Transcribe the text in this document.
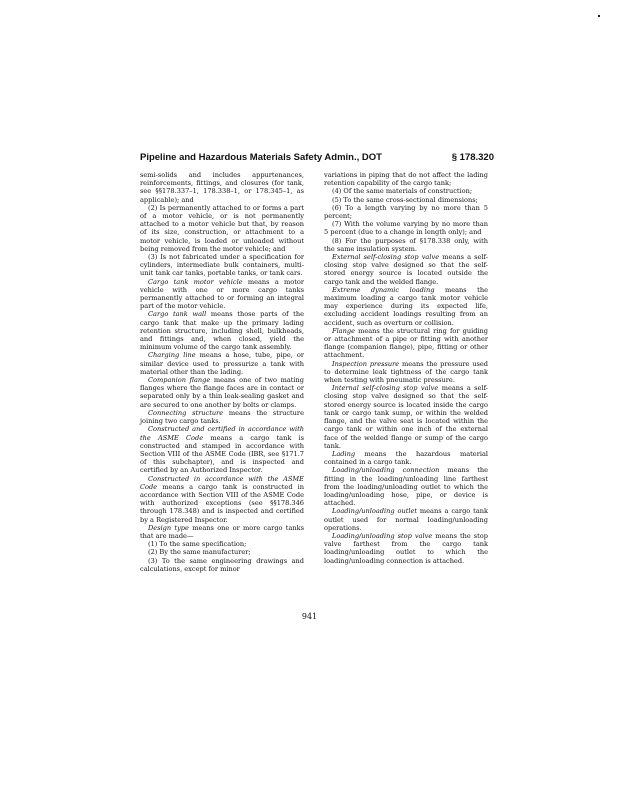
Pipeline and Hazardous Materials Safety Admin., DOT	§ 178.320

semi-solids and includes appurtenances, reinforcements, fittings, and closures (for tank, see §§178.337–1, 178.338–1, or 178.345–1, as applicable); and

(2) Is permanently attached to or forms a part of a motor vehicle, or is not permanently attached to a motor vehicle but that, by reason of its size, construction, or attachment to a motor vehicle, is loaded or unloaded without being removed from the motor vehicle; and

(3) Is not fabricated under a specification for cylinders, intermediate bulk containers, multi-unit tank car tanks, portable tanks, or tank cars.

Cargo tank motor vehicle means a motor vehicle with one or more cargo tanks permanently attached to or forming an integral part of the motor vehicle.

Cargo tank wall means those parts of the cargo tank that make up the primary lading retention structure, including shell, bulkheads, and fittings and, when closed, yield the minimum volume of the cargo tank assembly.

Charging line means a hose, tube, pipe, or similar device used to pressurize a tank with material other than the lading.

Companion flange means one of two mating flanges where the flange faces are in contact or separated only by a thin leak-sealing gasket and are secured to one another by bolts or clamps.

Connecting structure means the structure joining two cargo tanks.

Constructed and certified in accordance with the ASME Code means a cargo tank is constructed and stamped in accordance with Section VIII of the ASME Code (IBR, see §171.7 of this subchapter), and is inspected and certified by an Authorized Inspector.

Constructed in accordance with the ASME Code means a cargo tank is constructed in accordance with Section VIII of the ASME Code with authorized exceptions (see §§178.346 through 178.348) and is inspected and certified by a Registered Inspector.

Design type means one or more cargo tanks that are made—

(1) To the same specification;

(2) By the same manufacturer;

(3) To the same engineering drawings and calculations, except for minor

variations in piping that do not affect the lading retention capability of the cargo tank;

(4) Of the same materials of construction;

(5) To the same cross-sectional dimensions;

(6) To a length varying by no more than 5 percent;

(7) With the volume varying by no more than 5 percent (due to a change in length only); and

(8) For the purposes of §178.338 only, with the same insulation system.

External self-closing stop valve means a self-closing stop valve designed so that the self-stored energy source is located outside the cargo tank and the welded flange.

Extreme dynamic loading means the maximum loading a cargo tank motor vehicle may experience during its expected life, excluding accident loadings resulting from an accident, such as overturn or collision.

Flange means the structural ring for guiding or attachment of a pipe or fitting with another flange (companion flange), pipe, fitting or other attachment.

Inspection pressure means the pressure used to determine leak tightness of the cargo tank when testing with pneumatic pressure.

Internal self-closing stop valve means a self-closing stop valve designed so that the self-stored energy source is located inside the cargo tank or cargo tank sump, or within the welded flange, and the valve seat is located within the cargo tank or within one inch of the external face of the welded flange or sump of the cargo tank.

Lading means the hazardous material contained in a cargo tank.

Loading/unloading connection means the fitting in the loading/unloading line farthest from the loading/unloading outlet to which the loading/unloading hose, pipe, or device is attached.

Loading/unloading outlet means a cargo tank outlet used for normal loading/unloading operations.

Loading/unloading stop valve means the stop valve farthest from the cargo tank loading/unloading outlet to which the loading/unloading connection is attached.

941
